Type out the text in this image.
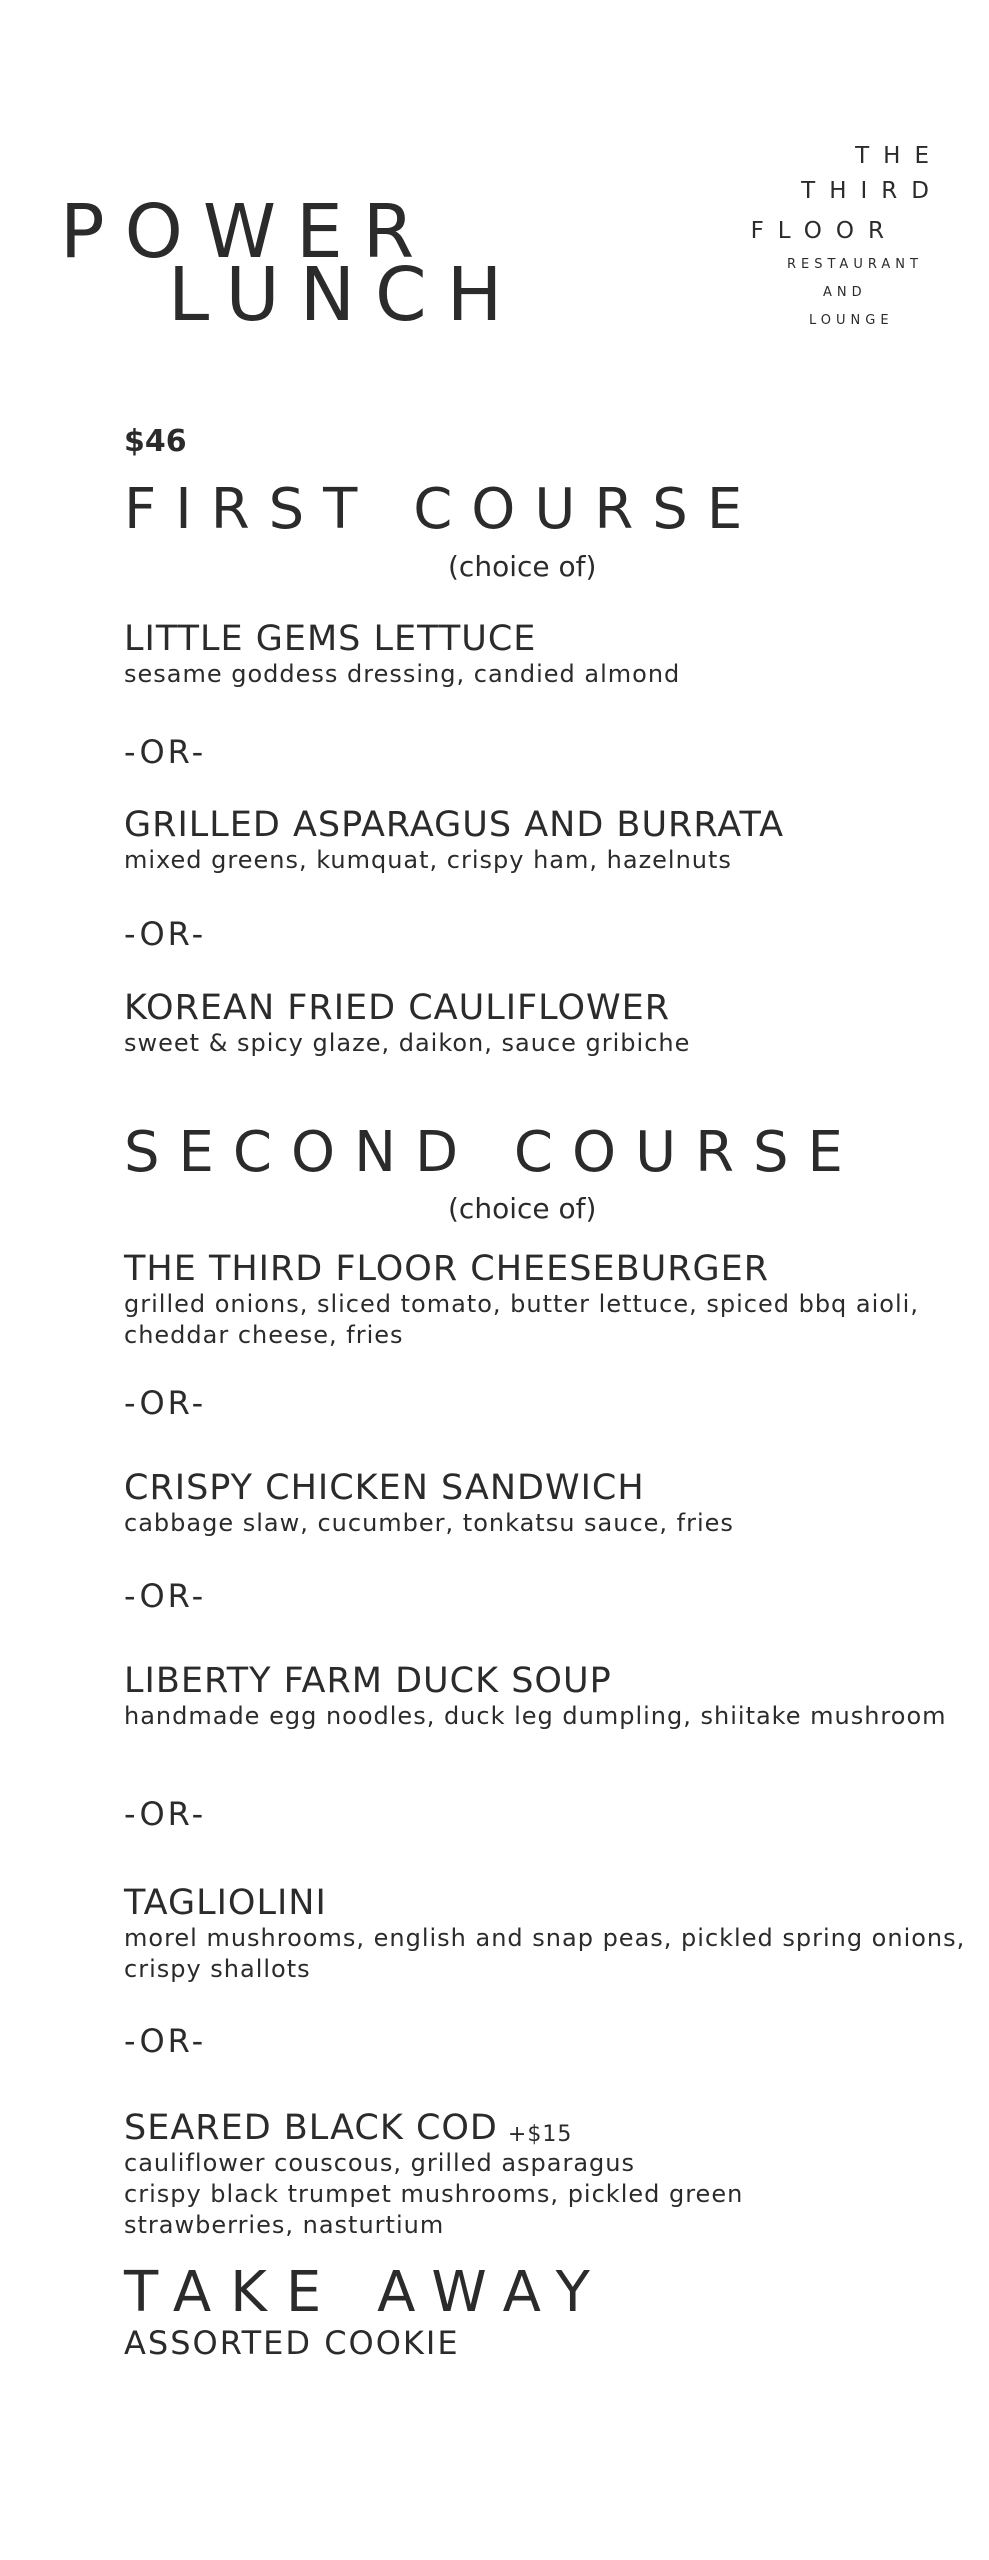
POWER
LUNCH
THE
THIRD
FLOOR
RESTAURANT
AND
LOUNGE
$46
FIRST COURSE
(choice of)
LITTLE GEMS LETTUCE
sesame goddess dressing, candied almond
-OR-
GRILLED ASPARAGUS AND BURRATA
mixed greens, kumquat, crispy ham, hazelnuts
-OR-
KOREAN FRIED CAULIFLOWER
sweet & spicy glaze, daikon, sauce gribiche
SECOND COURSE
(choice of)
THE THIRD FLOOR CHEESEBURGER
grilled onions, sliced tomato, butter lettuce, spiced bbq aioli, cheddar cheese, fries
-OR-
CRISPY CHICKEN SANDWICH
cabbage slaw, cucumber, tonkatsu sauce, fries
-OR-
LIBERTY FARM DUCK SOUP
handmade egg noodles, duck leg dumpling, shiitake mushroom
-OR-
TAGLIOLINI
morel mushrooms, english and snap peas, pickled spring onions, crispy shallots
-OR-
SEARED BLACK COD +$15
cauliflower couscous, grilled asparagus
crispy black trumpet mushrooms, pickled green strawberries, nasturtium
TAKE AWAY
ASSORTED COOKIE
